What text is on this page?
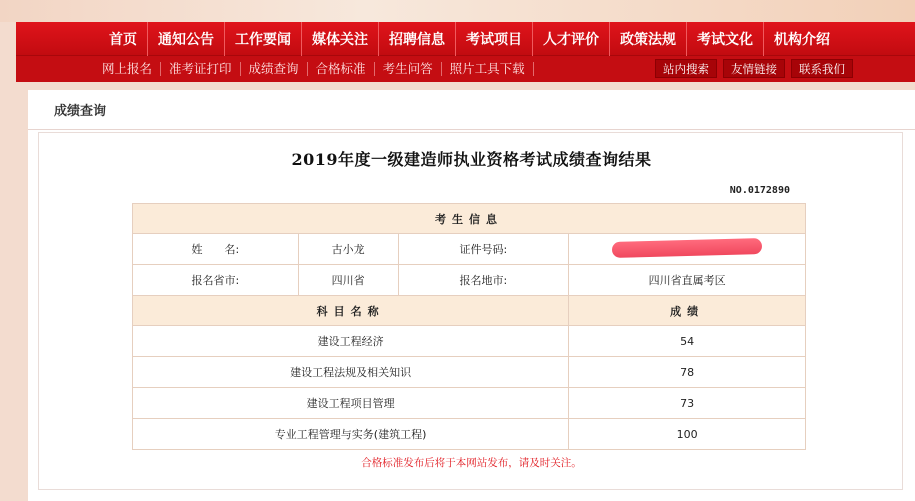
首页	通知公告	工作要闻	媒体关注	招聘信息	考试项目	人才评价	政策法规	考试文化	机构介绍
网上报名	准考证打印	成绩查询	合格标准	考生问答	照片工具下载	站内搜索	友情链接	联系我们
成绩查询
2019年度一级建造师执业资格考试成绩查询结果
NO.0172890
考生信息			
姓　　名:	古小龙	证件号码:	
报名省市:	四川省	报名地市:	四川省直属考区
科目名称			成绩
建设工程经济			54
建设工程法规及相关知识			78
建设工程项目管理			73
专业工程管理与实务(建筑工程)			100
合格标准发布后将于本网站发布，请及时关注。
